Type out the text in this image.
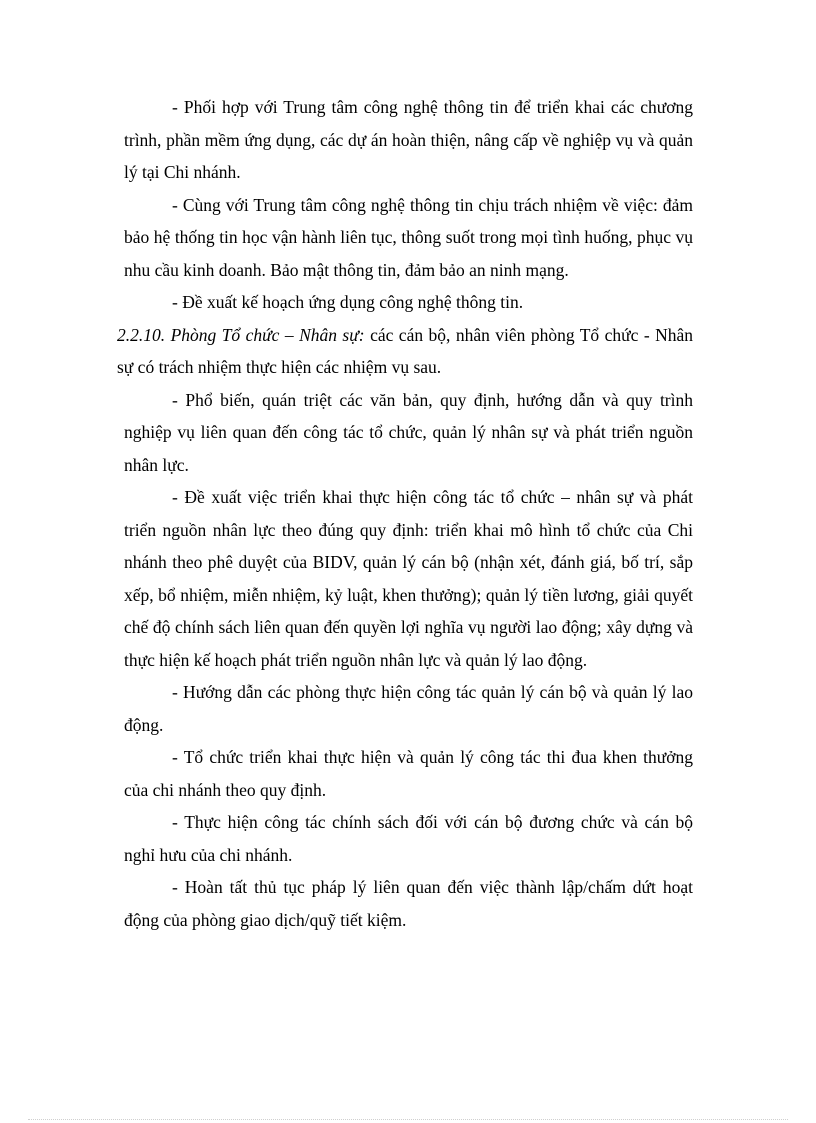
- Phối hợp với Trung tâm công nghệ thông tin để triển khai các chương trình, phần mềm ứng dụng, các dự án hoàn thiện, nâng cấp về nghiệp vụ và quản lý tại Chi nhánh.

- Cùng với Trung tâm công nghệ thông tin chịu trách nhiệm về việc: đảm bảo hệ thống tin học vận hành liên tục, thông suốt trong mọi tình huống, phục vụ nhu cầu kinh doanh. Bảo mật thông tin, đảm bảo an ninh mạng.

- Đề xuất kế hoạch ứng dụng công nghệ thông tin.

2.2.10. Phòng Tổ chức – Nhân sự: các cán bộ, nhân viên phòng Tổ chức - Nhân sự có trách nhiệm thực hiện các nhiệm vụ sau.

- Phổ biến, quán triệt các văn bản, quy định, hướng dẫn và quy trình nghiệp vụ liên quan đến công tác tổ chức, quản lý nhân sự và phát triển nguồn nhân lực.

- Đề xuất việc triển khai thực hiện công tác tổ chức – nhân sự và phát triển nguồn nhân lực theo đúng quy định: triển khai mô hình tổ chức của Chi nhánh theo phê duyệt của BIDV, quản lý cán bộ (nhận xét, đánh giá, bố trí, sắp xếp, bổ nhiệm, miễn nhiệm, kỷ luật, khen thưởng); quản lý tiền lương, giải quyết chế độ chính sách liên quan đến quyền lợi nghĩa vụ người lao động; xây dựng và thực hiện kế hoạch phát triển nguồn nhân lực và quản lý lao động.

- Hướng dẫn các phòng thực hiện công tác quản lý cán bộ và quản lý lao động.

- Tổ chức triển khai thực hiện và quản lý công tác thi đua khen thưởng của chi nhánh theo quy định.

- Thực hiện công tác chính sách đối với cán bộ đương chức và cán bộ nghỉ hưu của chi nhánh.

- Hoàn tất thủ tục pháp lý liên quan đến việc thành lập/chấm dứt hoạt động của phòng giao dịch/quỹ tiết kiệm.
